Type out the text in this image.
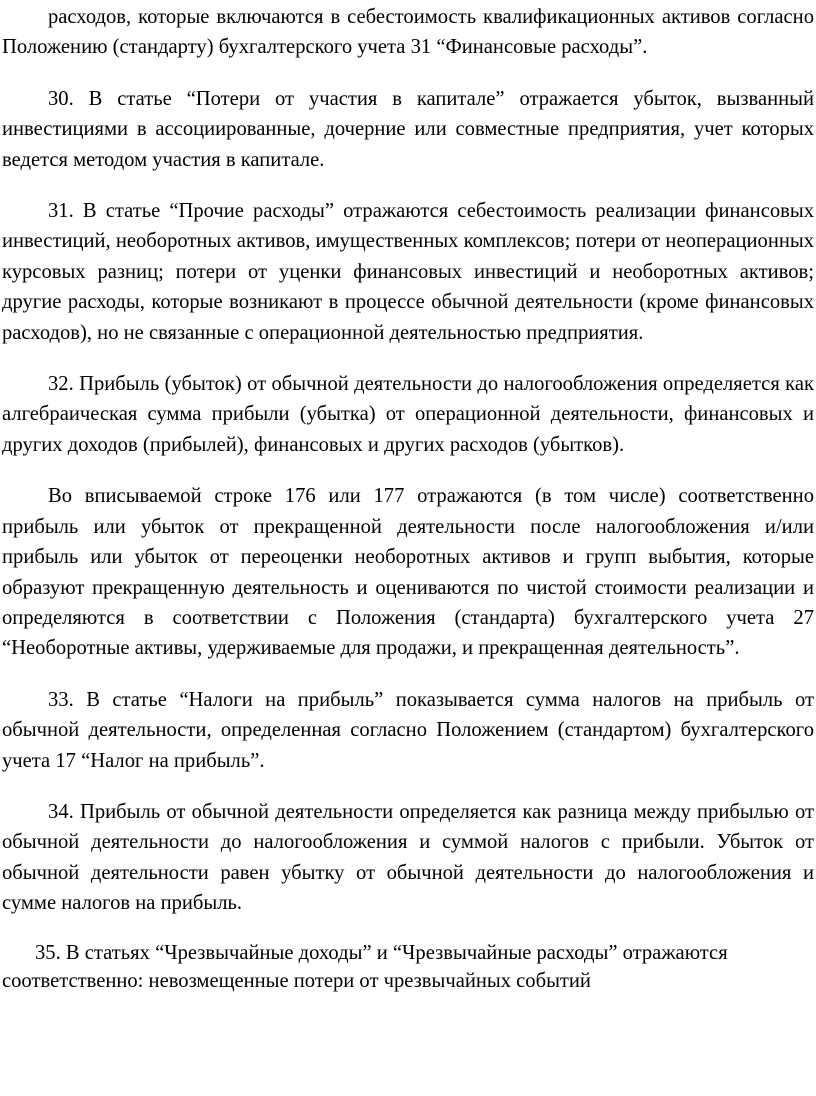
расходов, которые включаются в себестоимость квалификационных активов согласно Положению (стандарту) бухгалтерского учета 31 “Финансовые расходы”.

30. В статье “Потери от участия в капитале” отражается убыток, вызванный инвестициями в ассоциированные, дочерние или совместные предприятия, учет которых ведется методом участия в капитале.

31. В статье “Прочие расходы” отражаются себестоимость реализации финансовых инвестиций, необоротных активов, имущественных комплексов; потери от неоперационных курсовых разниц; потери от уценки финансовых инвестиций и необоротных активов; другие расходы, которые возникают в процессе обычной деятельности (кроме финансовых расходов), но не связанные с операционной деятельностью предприятия.

32. Прибыль (убыток) от обычной деятельности до налогообложения определяется как алгебраическая сумма прибыли (убытка) от операционной деятельности, финансовых и других доходов (прибылей), финансовых и других расходов (убытков).

Во вписываемой строке 176 или 177 отражаются (в том числе) соответственно прибыль или убыток от прекращенной деятельности после налогообложения и/или прибыль или убыток от переоценки необоротных активов и групп выбытия, которые образуют прекращенную деятельность и оцениваются по чистой стоимости реализации и определяются в соответствии с Положения (стандарта) бухгалтерского учета 27 “Необоротные активы, удерживаемые для продажи, и прекращенная деятельность”.

33. В статье “Налоги на прибыль” показывается сумма налогов на прибыль от обычной деятельности, определенная согласно Положением (стандартом) бухгалтерского учета 17 “Налог на прибыль”.

34. Прибыль от обычной деятельности определяется как разница между прибылью от обычной деятельности до налогообложения и суммой налогов с прибыли. Убыток от обычной деятельности равен убытку от обычной деятельности до налогообложения и сумме налогов на прибыль.

35. В статьях “Чрезвычайные доходы” и “Чрезвычайные расходы” отражаются соответственно: невозмещенные потери от чрезвычайных событий
